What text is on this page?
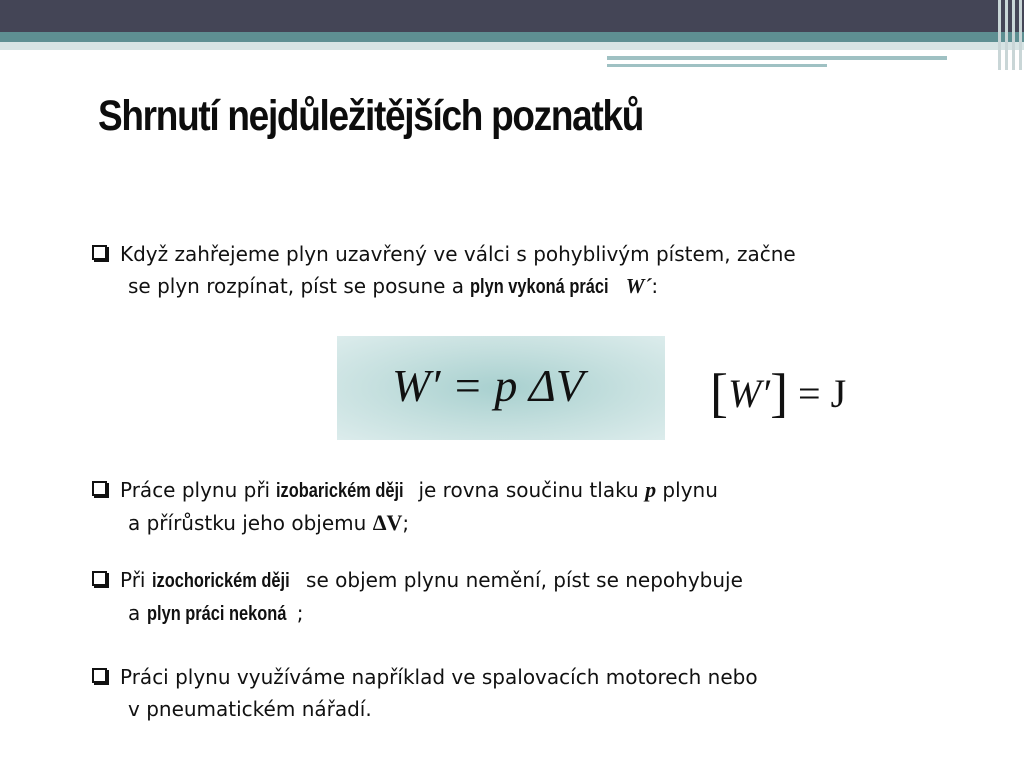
Shrnutí nejdůležitějších poznatků
Když zahřejeme plyn uzavřený ve válci s pohyblivým pístem, začne
se plyn rozpínat, píst se posune a plyn vykoná práci W´:
W′ = p ΔV [W′] = J
Práce plynu při izobarickém ději je rovna součinu tlaku p plynu
a přírůstku jeho objemu ΔV;
Při izochorickém ději se objem plynu nemění, píst se nepohybuje
a plyn práci nekoná ;
Práci plynu využíváme například ve spalovacích motorech nebo
v pneumatickém nářadí.
